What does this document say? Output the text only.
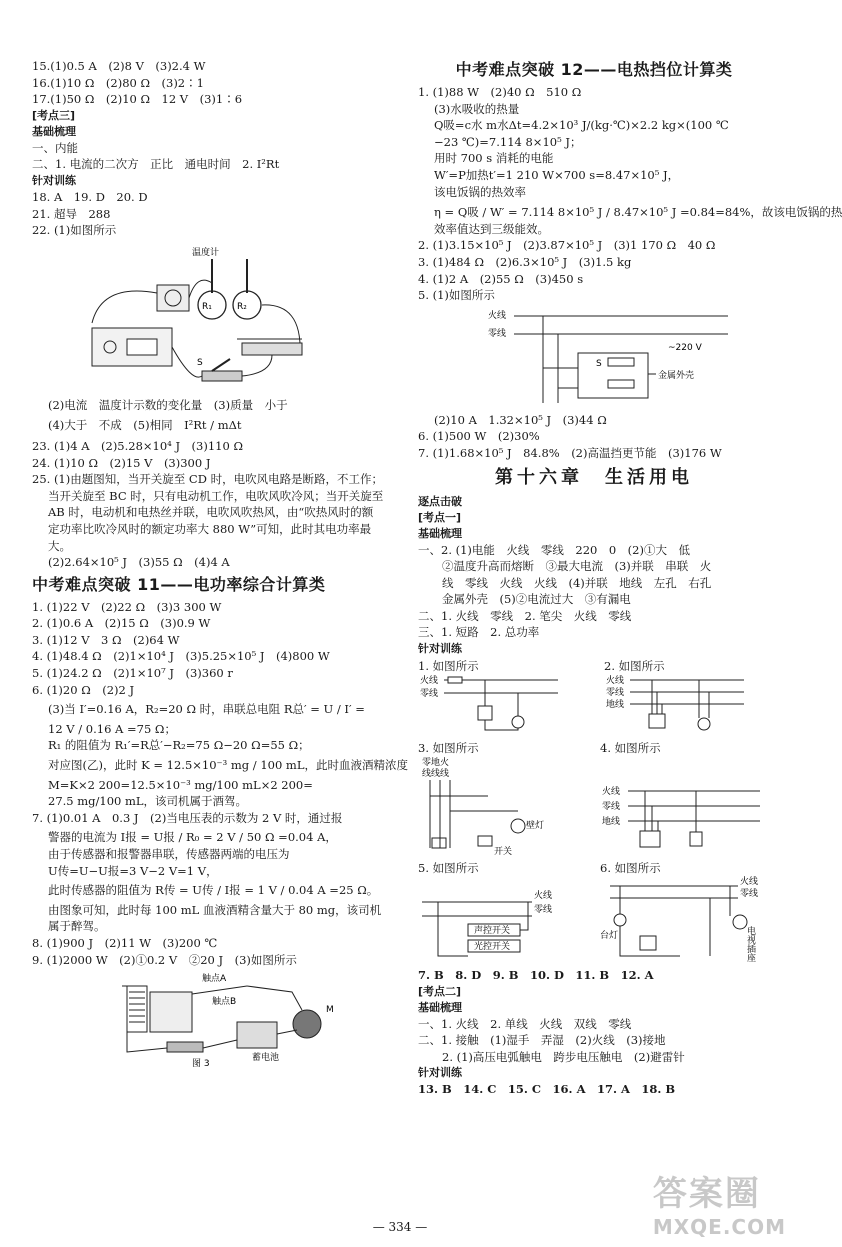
15.(1)0.5 A　(2)8 V　(3)2.4 W
16.(1)10 Ω　(2)80 Ω　(3)2∶1
17.(1)50 Ω　(2)10 Ω　12 V　(3)1∶6
[考点三]
基础梳理
一、内能
二、1. 电流的二次方　正比　通电时间　2. I²Rt
针对训练
18. A　19. D　20. D
21. 超导　288
22. (1)如图所示
温度计
R₁	R₂
S
(2)电流　温度计示数的变化量　(3)质量　小于
(4)大于　不成　(5)相同　I²Rt / mΔt
23. (1)4 A　(2)5.28×10⁴ J　(3)110 Ω
24. (1)10 Ω　(2)15 V　(3)300 J
25. (1)由题图知，当开关旋至 CD 时，电吹风电路是断路，不工作；当开关旋至 BC 时，只有电动机工作，电吹风吹冷风；当开关旋至 AB 时，电动机和电热丝并联，电吹风吹热风，由“吹热风时的额定功率比吹冷风时的额定功率大 880 W”可知，此时其电功率最大。
(2)2.64×10⁵ J　(3)55 Ω　(4)4 A
中考难点突破 11——电功率综合计算类
1. (1)22 V　(2)22 Ω　(3)3 300 W
2. (1)0.6 A　(2)15 Ω　(3)0.9 W
3. (1)12 V　3 Ω　(2)64 W
4. (1)48.4 Ω　(2)1×10⁴ J　(3)5.25×10⁵ J　(4)800 W
5. (1)24.2 Ω　(2)1×10⁷ J　(3)360 r
6. (1)20 Ω　(2)2 J
(3)当 I′=0.16 A，R₂=20 Ω 时，串联总电阻 R总′ = U / I′ =
12 V / 0.16 A =75 Ω；
R₁ 的阻值为 R₁′=R总′−R₂=75 Ω−20 Ω=55 Ω；
对应图(乙)，此时 K = 12.5×10⁻³ mg / 100 mL，此时血液酒精浓度
M=K×2 200=12.5×10⁻³ mg/100 mL×2 200=
27.5 mg/100 mL，该司机属于酒驾。
7. (1)0.01 A　0.3 J　(2)当电压表的示数为 2 V 时，通过报
警器的电流为 I报 = U报 / R₀ = 2 V / 50 Ω =0.04 A，
由于传感器和报警器串联，传感器两端的电压为
U传=U−U报=3 V−2 V=1 V，
此时传感器的阻值为 R传 = U传 / I报 = 1 V / 0.04 A =25 Ω。
由图象可知，此时每 100 mL 血液酒精含量大于 80 mg，该司机属于醉驾。
8. (1)900 J　(2)11 W　(3)200 ℃
9. (1)2000 W　(2)①0.2 V　②20 J　(3)如图所示
触点A
触点B
M
蓄电池
图 3
中考难点突破 12——电热挡位计算类
1. (1)88 W　(2)40 Ω　510 Ω
(3)水吸收的热量
Q吸=c水 m水Δt=4.2×10³ J/(kg·℃)×2.2 kg×(100 ℃
−23 ℃)=7.114 8×10⁵ J；
用时 700 s 消耗的电能
W′=P加热t′=1 210 W×700 s=8.47×10⁵ J，
该电饭锅的热效率
η = Q吸 / W′ = 7.114 8×10⁵ J / 8.47×10⁵ J =0.84=84%，故该电饭锅的热
效率值达到三级能效。
2. (1)3.15×10⁵ J　(2)3.87×10⁵ J　(3)1 170 Ω　40 Ω
3. (1)484 Ω　(2)6.3×10⁵ J　(3)1.5 kg
4. (1)2 A　(2)55 Ω　(3)450 s
5. (1)如图所示
火线
零线
~220 V
S
金属外壳
(2)10 A　1.32×10⁵ J　(3)44 Ω
6. (1)500 W　(2)30%
7. (1)1.68×10⁵ J　84.8%　(2)高温挡更节能　(3)176 W
第十六章　生活用电
逐点击破
[考点一]
基础梳理
一、2. (1)电能　火线　零线　220　0　(2)①大　低
②温度升高而熔断　③最大电流　(3)并联　串联　火
线　零线　火线　火线　(4)并联　地线　左孔　右孔
金属外壳　(5)②电流过大　③有漏电
二、1. 火线　零线　2. 笔尖　火线　零线
三、1. 短路　2. 总功率
针对训练
1. 如图所示
火线
零线
2. 如图所示
火线
零线
地线
3. 如图所示
零地火
线线线
壁灯
开关
4. 如图所示
火线
零线
地线
5. 如图所示
火线
零线
声控开关
光控开关
6. 如图所示
火线
零线
台灯	电视插座
7. B　8. D　9. B　10. D　11. B　12. A
[考点二]
基础梳理
一、1. 火线　2. 单线　火线　双线　零线
二、1. 接触　(1)湿手　弄湿　(2)火线　(3)接地
2. (1)高压电弧触电　跨步电压触电　(2)避雷针
针对训练
13. B　14. C　15. C　16. A　17. A　18. B
— 334 —
答案圈
MXQE.COM
